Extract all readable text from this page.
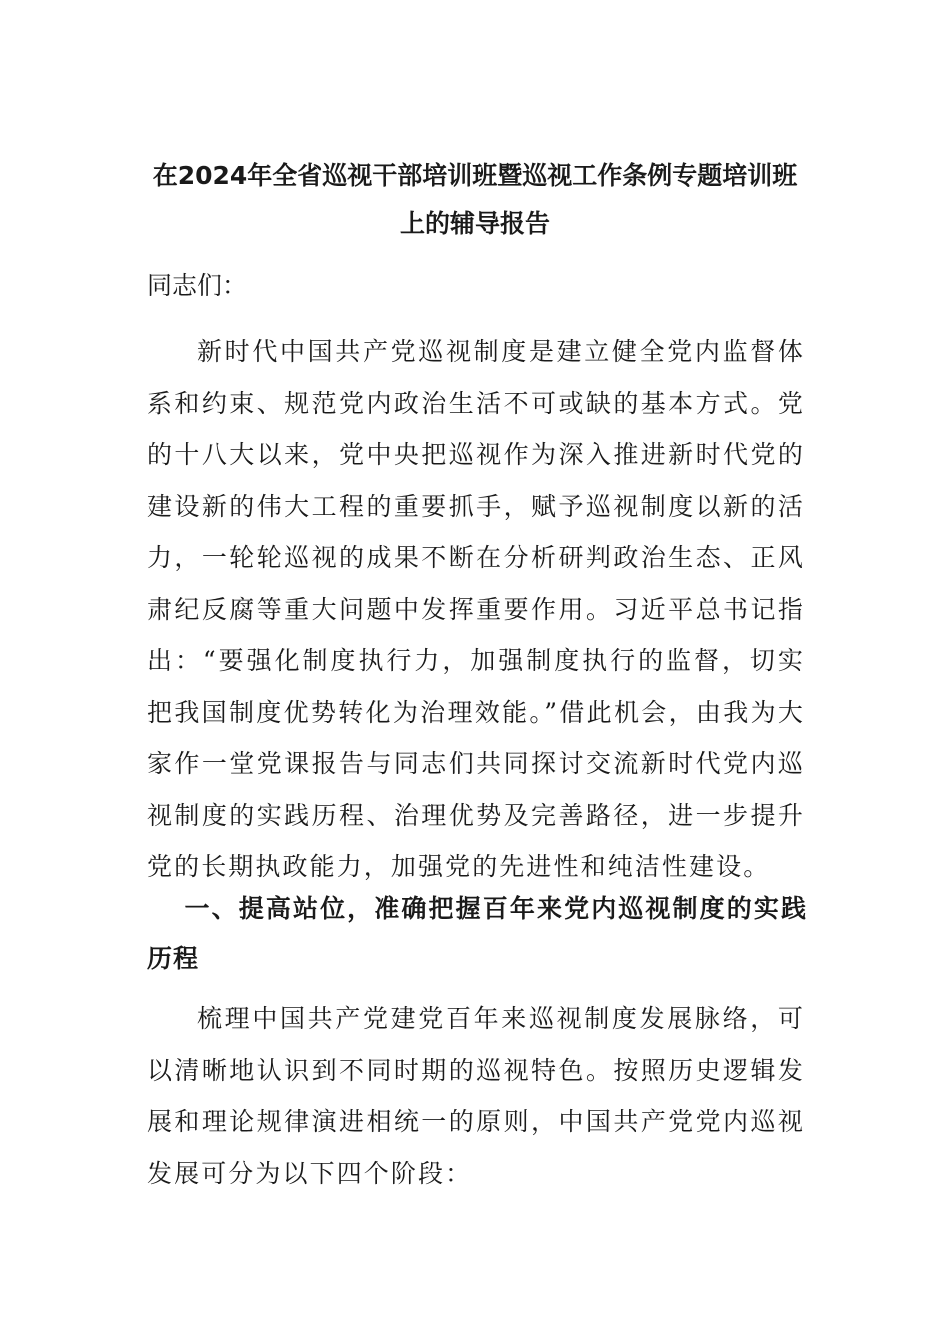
在2024年全省巡视干部培训班暨巡视工作条例专题培训班
上的辅导报告

同志们：

新时代中国共产党巡视制度是建立健全党内监督体系和约束、规范党内政治生活不可或缺的基本方式。党的十八大以来，党中央把巡视作为深入推进新时代党的建设新的伟大工程的重要抓手，赋予巡视制度以新的活力，一轮轮巡视的成果不断在分析研判政治生态、正风肃纪反腐等重大问题中发挥重要作用。习近平总书记指出：“要强化制度执行力，加强制度执行的监督，切实把我国制度优势转化为治理效能。”借此机会，由我为大家作一堂党课报告与同志们共同探讨交流新时代党内巡视制度的实践历程、治理优势及完善路径，进一步提升党的长期执政能力，加强党的先进性和纯洁性建设。

一、提高站位，准确把握百年来党内巡视制度的实践历程

梳理中国共产党建党百年来巡视制度发展脉络，可以清晰地认识到不同时期的巡视特色。按照历史逻辑发展和理论规律演进相统一的原则，中国共产党党内巡视发展可分为以下四个阶段：
